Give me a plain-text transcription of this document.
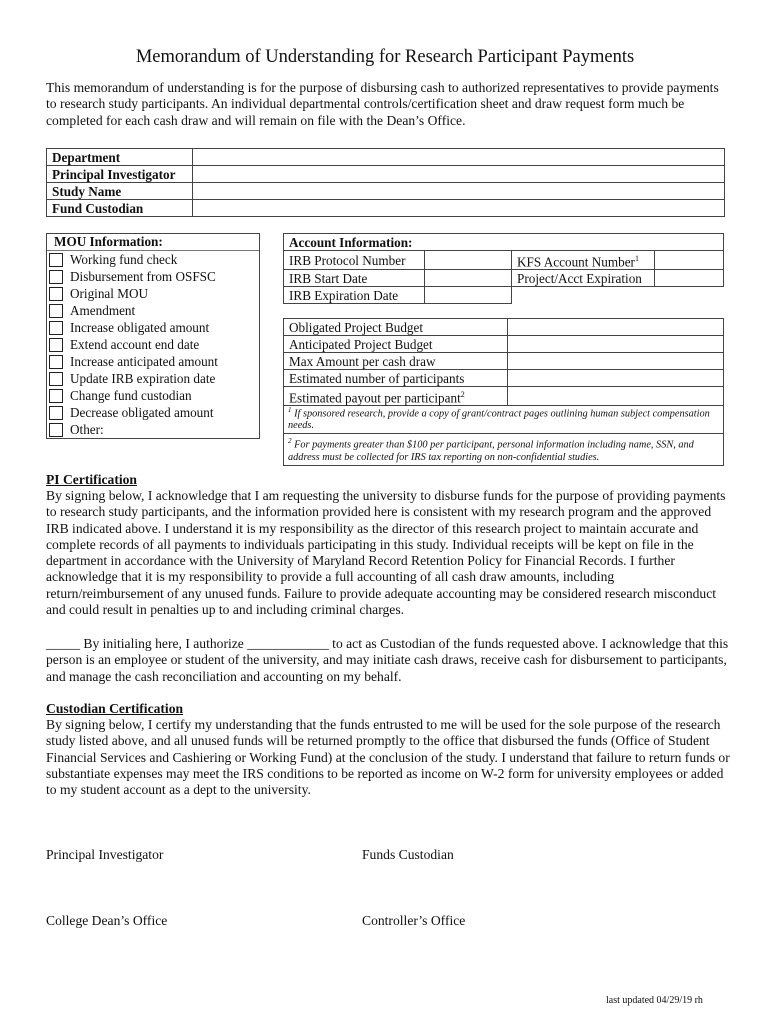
Memorandum of Understanding for Research Participant Payments
This memorandum of understanding is for the purpose of disbursing cash to authorized representatives to provide payments to research study participants. An individual departmental controls/certification sheet and draw request form much be completed for each cash draw and will remain on file with the Dean’s Office.
Department	
Principal Investigator	
Study Name	
Fund Custodian	
MOU Information:
Working fund check
Disbursement from OSFSC
Original MOU
Amendment
Increase obligated amount
Extend account end date
Increase anticipated amount
Update IRB expiration date
Change fund custodian
Decrease obligated amount
Other:
Account Information:			
IRB Protocol Number		KFS Account Number$^1$	
IRB Start Date		Project/Acct Expiration	
IRB Expiration Date			
Obligated Project Budget	
Anticipated Project Budget	
Max Amount per cash draw	
Estimated number of participants	
Estimated payout per participant$^2$	
$^1$ If sponsored research, provide a copy of grant/contract pages outlining human subject compensation needs.
$^2$ For payments greater than $100 per participant, personal information including name, SSN, and address must be collected for IRS tax reporting on non-confidential studies.
PI Certification
By signing below, I acknowledge that I am requesting the university to disburse funds for the purpose of providing payments to research study participants, and the information provided here is consistent with my research program and the approved IRB indicated above. I understand it is my responsibility as the director of this research project to maintain accurate and complete records of all payments to individuals participating in this study. Individual receipts will be kept on file in the department in accordance with the University of Maryland Record Retention Policy for Financial Records. I further acknowledge that it is my responsibility to provide a full accounting of all cash draw amounts, including return/reimbursement of any unused funds. Failure to provide adequate accounting may be considered research misconduct and could result in penalties up to and including criminal charges.
_____ By initialing here, I authorize ____________ to act as Custodian of the funds requested above. I acknowledge that this person is an employee or student of the university, and may initiate cash draws, receive cash for disbursement to participants, and manage the cash reconciliation and accounting on my behalf.
Custodian Certification
By signing below, I certify my understanding that the funds entrusted to me will be used for the sole purpose of the research study listed above, and all unused funds will be returned promptly to the office that disbursed the funds (Office of Student Financial Services and Cashiering or Working Fund) at the conclusion of the study. I understand that failure to return funds or substantiate expenses may meet the IRS conditions to be reported as income on W-2 form for university employees or added to my student account as a dept to the university.
Principal Investigator	Funds Custodian
College Dean’s Office	Controller’s Office
last updated 04/29/19 rh
